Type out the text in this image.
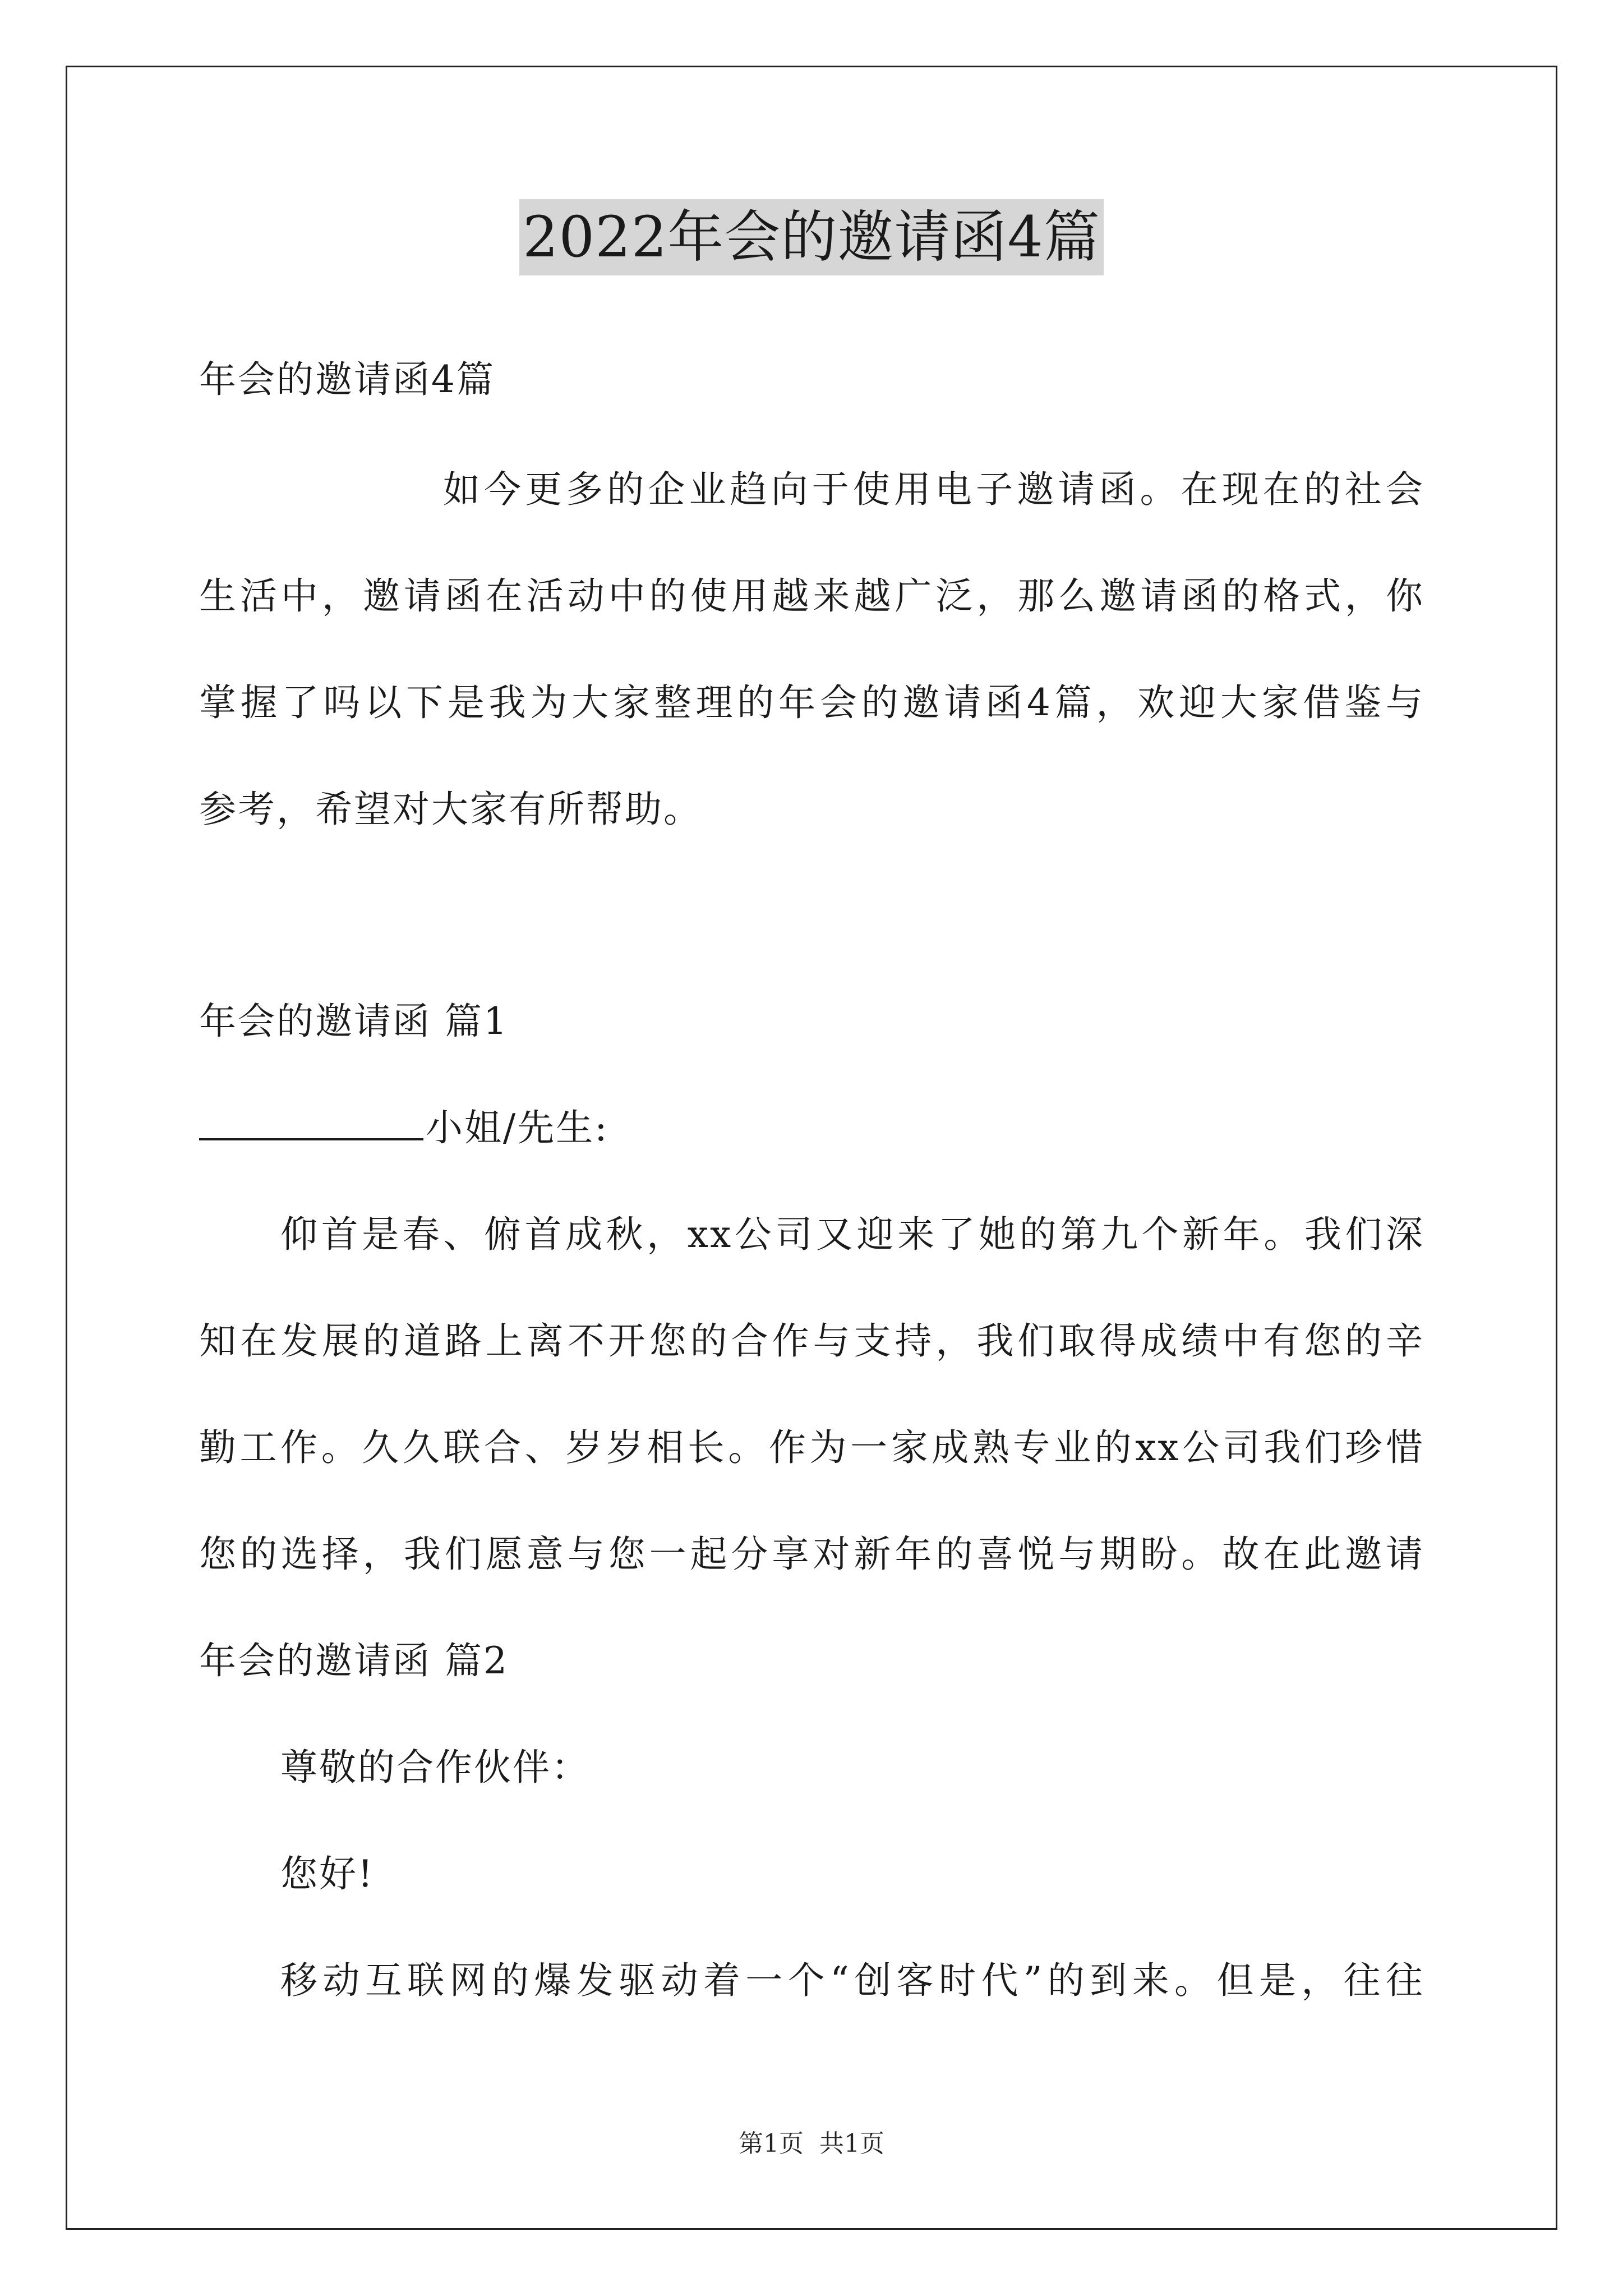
2022年会的邀请函4篇
年会的邀请函4篇
如今更多的企业趋向于使用电子邀请函。在现在的社会
生活中，邀请函在活动中的使用越来越广泛，那么邀请函的格式，你
掌握了吗以下是我为大家整理的年会的邀请函4篇，欢迎大家借鉴与
参考，希望对大家有所帮助。
年会的邀请函 篇1
小姐/先生:
仰首是春、俯首成秋，xx公司又迎来了她的第九个新年。我们深
知在发展的道路上离不开您的合作与支持，我们取得成绩中有您的辛
勤工作。久久联合、岁岁相长。作为一家成熟专业的xx公司我们珍惜
您的选择，我们愿意与您一起分享对新年的喜悦与期盼。故在此邀请
年会的邀请函 篇2
尊敬的合作伙伴：
您好!
移动互联网的爆发驱动着一个“创客时代”的到来。但是，往往
第1页 共1页
